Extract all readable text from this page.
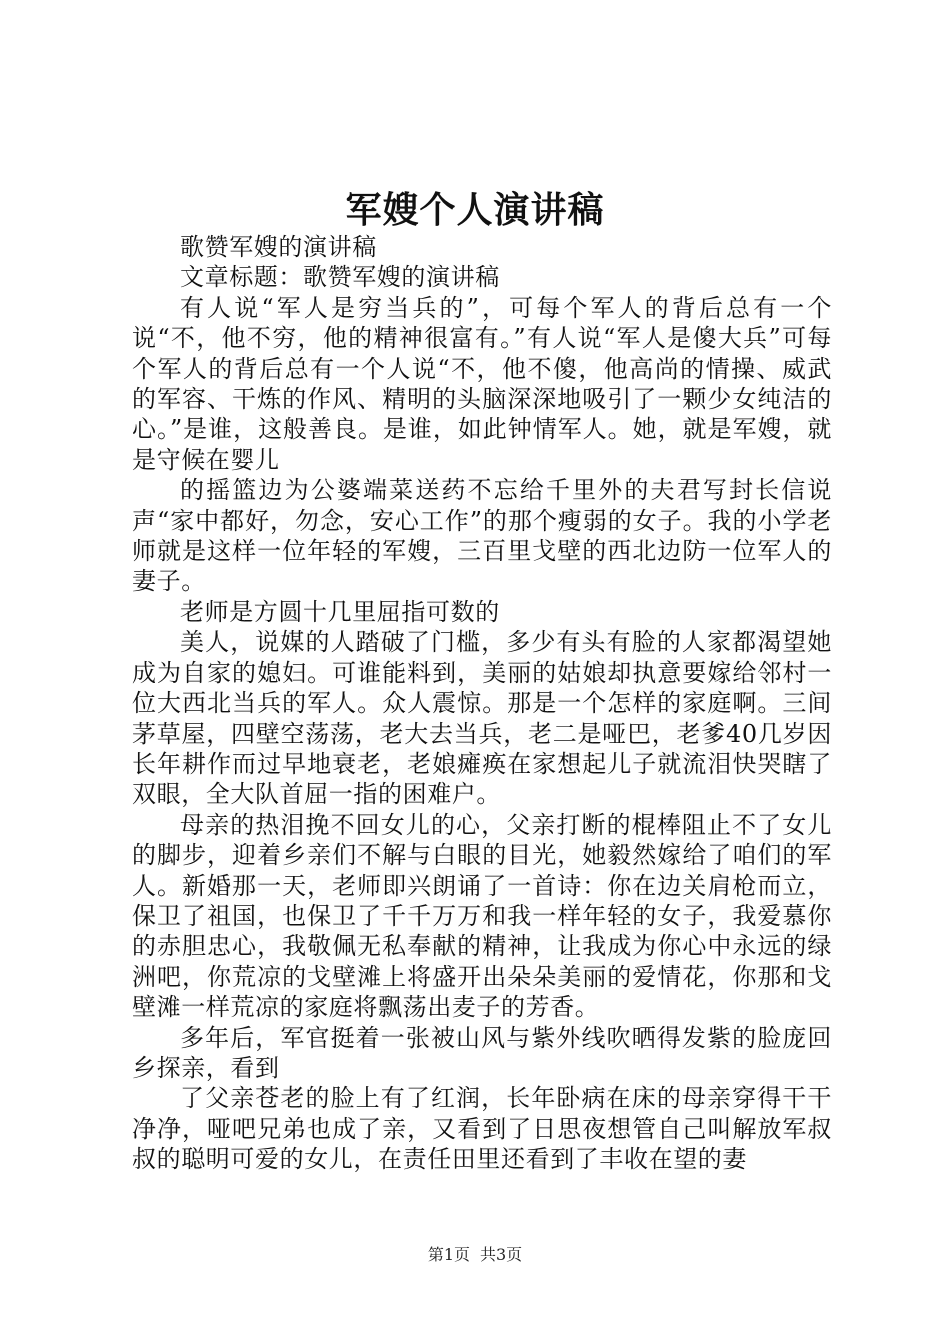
军嫂个人演讲稿

歌赞军嫂的演讲稿

文章标题：歌赞军嫂的演讲稿

有人说“军人是穷当兵的”，可每个军人的背后总有一个说“不，他不穷，他的精神很富有。”有人说“军人是傻大兵”可每个军人的背后总有一个人说“不，他不傻，他高尚的情操、威武的军容、干炼的作风、精明的头脑深深地吸引了一颗少女纯洁的心。”是谁，这般善良。是谁，如此钟情军人。她，就是军嫂，就是守候在婴儿

的摇篮边为公婆端菜送药不忘给千里外的夫君写封长信说声“家中都好，勿念，安心工作”的那个瘦弱的女子。我的小学老师就是这样一位年轻的军嫂，三百里戈壁的西北边防一位军人的妻子。

老师是方圆十几里屈指可数的

美人，说媒的人踏破了门槛，多少有头有脸的人家都渴望她成为自家的媳妇。可谁能料到，美丽的姑娘却执意要嫁给邻村一位大西北当兵的军人。众人震惊。那是一个怎样的家庭啊。三间茅草屋，四壁空荡荡，老大去当兵，老二是哑巴，老爹40几岁因长年耕作而过早地衰老，老娘瘫痪在家想起儿子就流泪快哭瞎了双眼，全大队首屈一指的困难户。

母亲的热泪挽不回女儿的心，父亲打断的棍棒阻止不了女儿的脚步，迎着乡亲们不解与白眼的目光，她毅然嫁给了咱们的军人。新婚那一天，老师即兴朗诵了一首诗：你在边关肩枪而立，保卫了祖国，也保卫了千千万万和我一样年轻的女子，我爱慕你的赤胆忠心，我敬佩无私奉献的精神，让我成为你心中永远的绿洲吧，你荒凉的戈壁滩上将盛开出朵朵美丽的爱情花，你那和戈壁滩一样荒凉的家庭将飘荡出麦子的芳香。

多年后，军官挺着一张被山风与紫外线吹晒得发紫的脸庞回乡探亲，看到

了父亲苍老的脸上有了红润，长年卧病在床的母亲穿得干干净净，哑吧兄弟也成了亲，又看到了日思夜想管自己叫解放军叔叔的聪明可爱的女儿，在责任田里还看到了丰收在望的妻

第1页 共3页
